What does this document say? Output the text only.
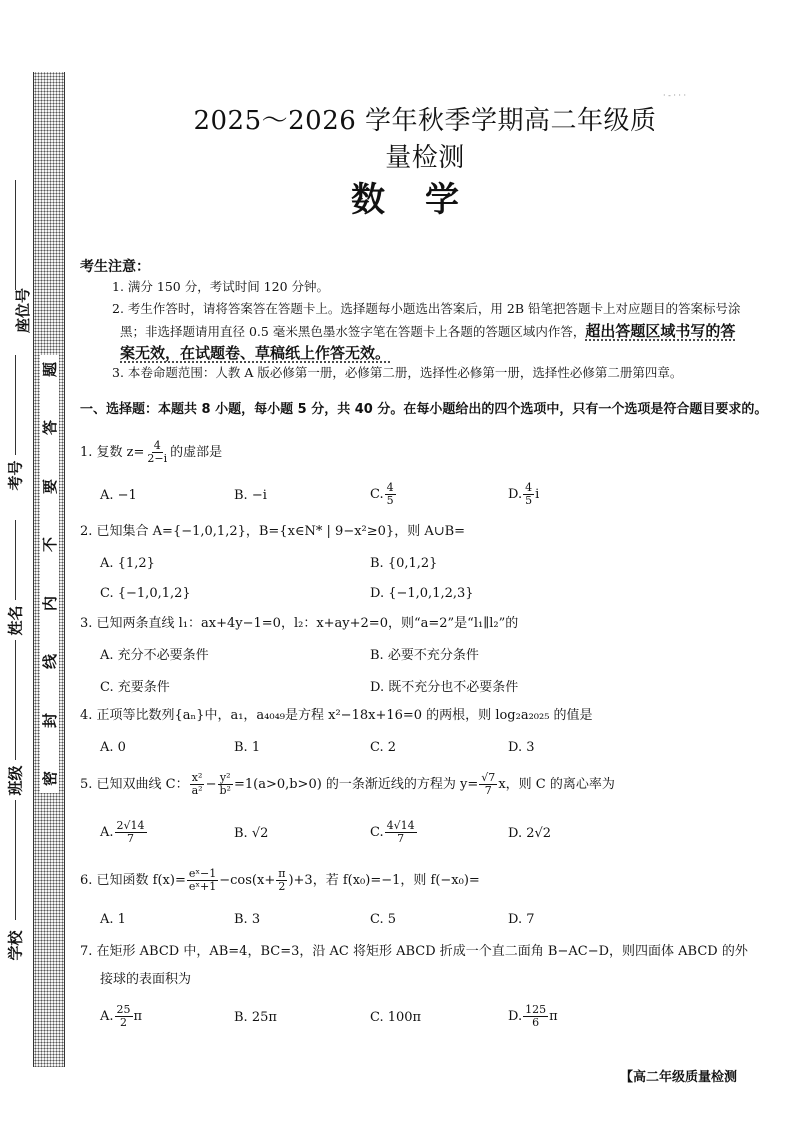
题
答
要
不
内
线
封
密
座位号
考号
姓名
班级
学校
· - · · ·
2025～2026 学年秋季学期高二年级质量检测
数学
考生注意：
1. 满分 150 分，考试时间 120 分钟。
2. 考生作答时，请将答案答在答题卡上。选择题每小题选出答案后，用 2B 铅笔把答题卡上对应题目的答案标号涂
黑；非选择题请用直径 0.5 毫米黑色墨水签字笔在答题卡上各题的答题区域内作答，超出答题区域书写的答
案无效，在试题卷、草稿纸上作答无效。
3. 本卷命题范围：人教 A 版必修第一册，必修第二册，选择性必修第一册，选择性必修第二册第四章。
一、选择题：本题共 8 小题，每小题 5 分，共 40 分。在每小题给出的四个选项中，只有一个选项是符合题目要求的。
1. 复数 $z= \frac{4}{2-i}$ 的虚部是
A. −1	B. −i	C. $\frac{4}{5}$	D. $\frac{4}{5}$ i
2. 已知集合 A={−1,0,1,2}，B={x∈N* | 9−x²≥0}，则 A∪B=
A. {1,2}	B. {0,1,2}
C. {−1,0,1,2}	D. {−1,0,1,2,3}
3. 已知两条直线 l₁：ax+4y−1=0，l₂：x+ay+2=0，则“a=2”是“l₁∥l₂”的
A. 充分不必要条件	B. 必要不充分条件
C. 充要条件	D. 既不充分也不必要条件
4. 正项等比数列{aₙ}中，a₁，a₄₀₄₉是方程 x²−18x+16=0 的两根，则 log₂a₂₀₂₅ 的值是
A. 0	B. 1	C. 2	D. 3
5. 已知双曲线 C： $\frac{\text{x²}}{\text{a²}} - \frac{\text{y²}}{\text{b²}} =1(a>0,b>0)$ 的一条渐近线的方程为 $y= \frac{√7}{7}$ x，则 C 的离心率为
A. $\frac{2√14}{7}$	B. √2	C. $\frac{4√14}{7}$	D. 2√2
6. 已知函数 $f(x)= \frac{\text{eˣ−1}}{\text{eˣ+1}} -\cos(x+ \frac{\pi}{2} )+3$，若 f(x₀)=−1，则 f(−x₀)=
A. 1	B. 3	C. 5	D. 7
7. 在矩形 ABCD 中，AB=4，BC=3，沿 AC 将矩形 ABCD 折成一个直二面角 B−AC−D，则四面体 ABCD 的外
接球的表面积为
A. $\frac{25}{2}$ π	B. 25π	C. 100π	D. $\frac{125}{6}$ π
【高二年级质量检测
